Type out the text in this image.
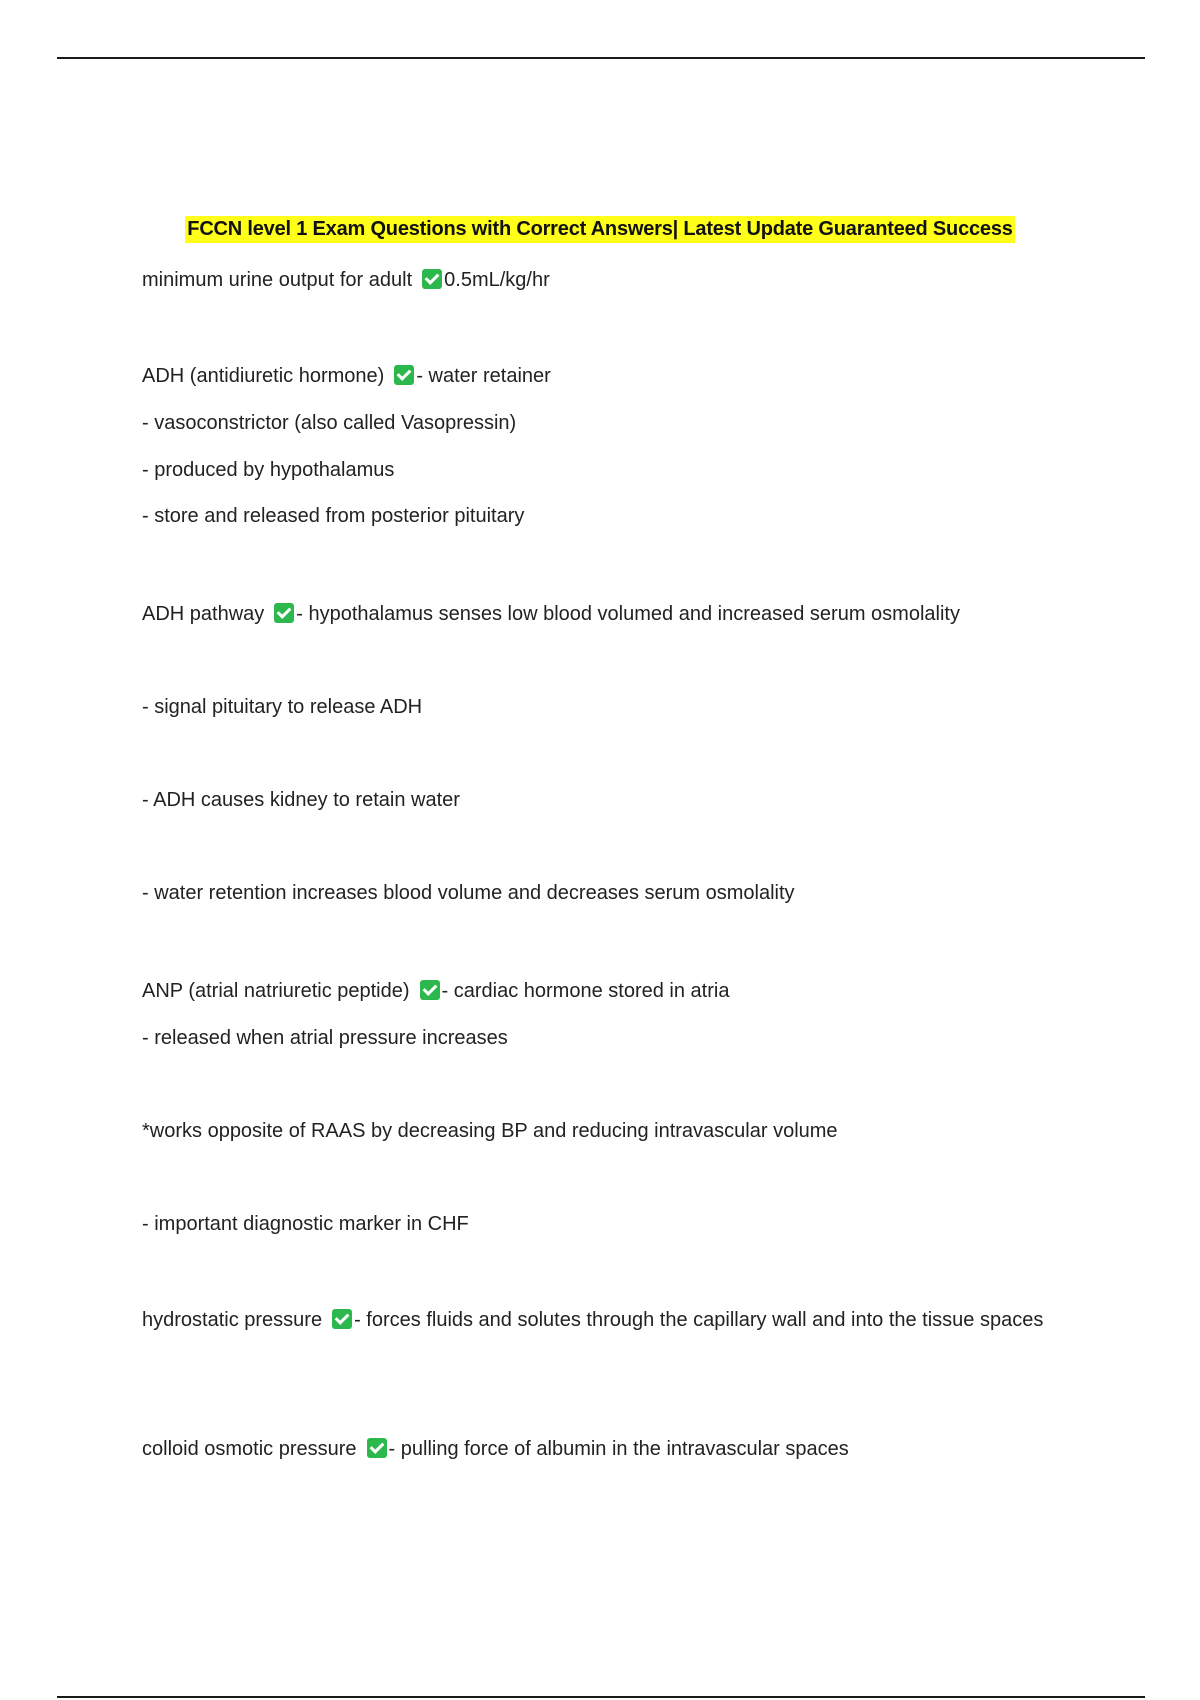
FCCN level 1 Exam Questions with Correct Answers| Latest Update Guaranteed Success
minimum urine output for adult 0.5mL/kg/hr
ADH (antidiuretic hormone) - water retainer
- vasoconstrictor (also called Vasopressin)
- produced by hypothalamus
- store and released from posterior pituitary
ADH pathway - hypothalamus senses low blood volumed and increased serum osmolality
- signal pituitary to release ADH
- ADH causes kidney to retain water
- water retention increases blood volume and decreases serum osmolality
ANP (atrial natriuretic peptide) - cardiac hormone stored in atria
- released when atrial pressure increases
*works opposite of RAAS by decreasing BP and reducing intravascular volume
- important diagnostic marker in CHF
hydrostatic pressure - forces fluids and solutes through the capillary wall and into the tissue spaces
colloid osmotic pressure - pulling force of albumin in the intravascular spaces
